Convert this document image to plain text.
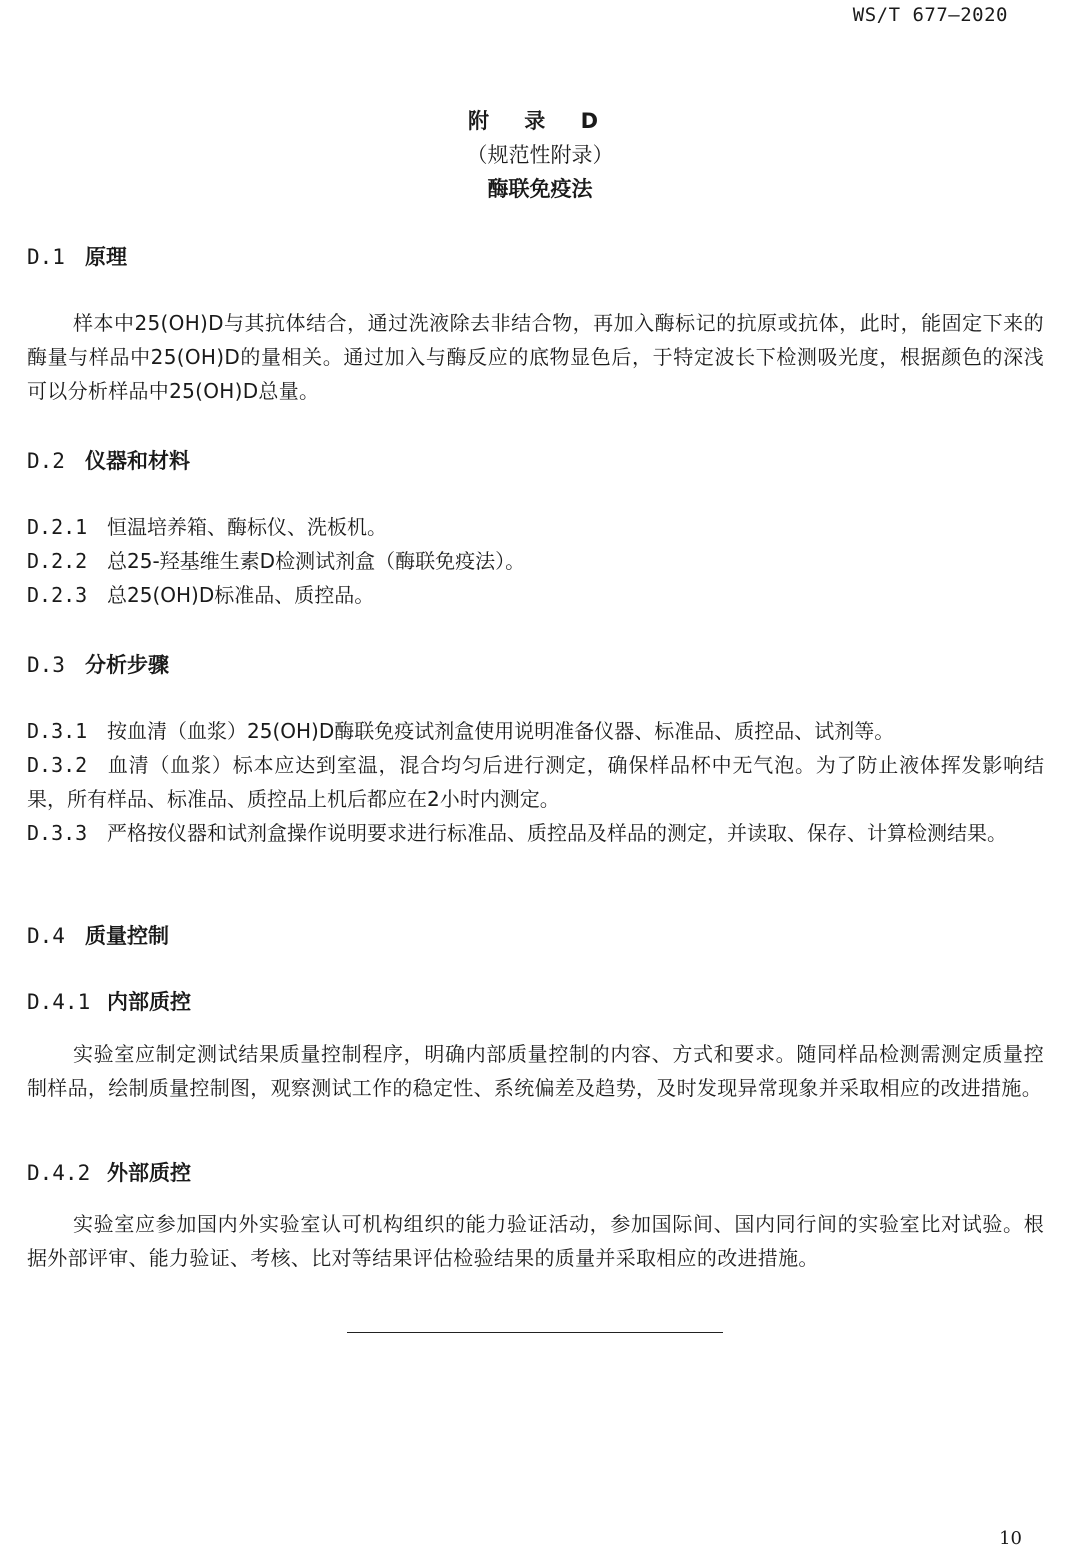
WS/T 677—2020
附 录 D
（规范性附录）
酶联免疫法
D.1 原理
样本中25(OH)D与其抗体结合，通过洗液除去非结合物，再加入酶标记的抗原或抗体，此时，能固定下来的酶量与样品中25(OH)D的量相关。通过加入与酶反应的底物显色后，于特定波长下检测吸光度，根据颜色的深浅可以分析样品中25(OH)D总量。
D.2 仪器和材料
D.2.1 恒温培养箱、酶标仪、洗板机。
D.2.2 总25-羟基维生素D检测试剂盒（酶联免疫法）。
D.2.3 总25(OH)D标准品、质控品。
D.3 分析步骤
D.3.1 按血清（血浆）25(OH)D酶联免疫试剂盒使用说明准备仪器、标准品、质控品、试剂等。
D.3.2 血清（血浆）标本应达到室温，混合均匀后进行测定，确保样品杯中无气泡。为了防止液体挥发影响结果，所有样品、标准品、质控品上机后都应在2小时内测定。
D.3.3 严格按仪器和试剂盒操作说明要求进行标准品、质控品及样品的测定，并读取、保存、计算检测结果。
D.4 质量控制
D.4.1 内部质控
实验室应制定测试结果质量控制程序，明确内部质量控制的内容、方式和要求。随同样品检测需测定质量控制样品，绘制质量控制图，观察测试工作的稳定性、系统偏差及趋势，及时发现异常现象并采取相应的改进措施。
D.4.2 外部质控
实验室应参加国内外实验室认可机构组织的能力验证活动，参加国际间、国内同行间的实验室比对试验。根据外部评审、能力验证、考核、比对等结果评估检验结果的质量并采取相应的改进措施。
10
